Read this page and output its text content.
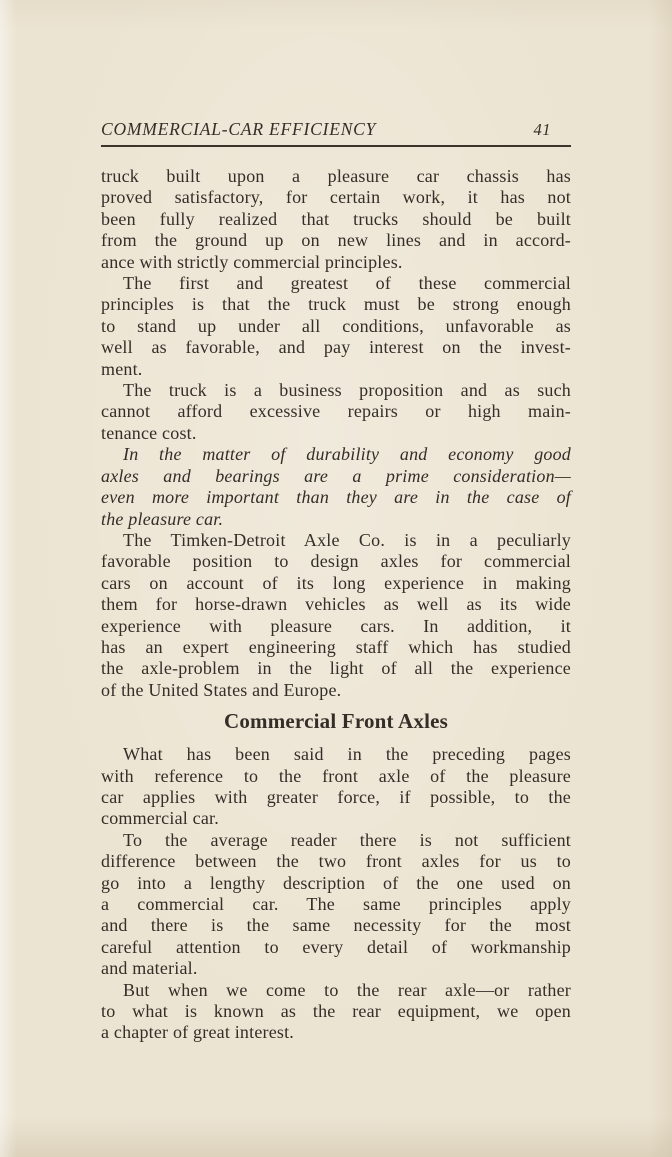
COMMERCIAL-CAR EFFICIENCY	41
truck built upon a pleasure car chassis has
proved satisfactory, for certain work, it has not
been fully realized that trucks should be built
from the ground up on new lines and in accord-
ance with strictly commercial principles.
The first and greatest of these commercial
principles is that the truck must be strong enough
to stand up under all conditions, unfavorable as
well as favorable, and pay interest on the invest-
ment.
The truck is a business proposition and as such
cannot afford excessive repairs or high main-
tenance cost.
In the matter of durability and economy good
axles and bearings are a prime consideration—
even more important than they are in the case of
the pleasure car.
The Timken-Detroit Axle Co. is in a peculiarly
favorable position to design axles for commercial
cars on account of its long experience in making
them for horse-drawn vehicles as well as its wide
experience with pleasure cars. In addition, it
has an expert engineering staff which has studied
the axle-problem in the light of all the experience
of the United States and Europe.
Commercial Front Axles
What has been said in the preceding pages
with reference to the front axle of the pleasure
car applies with greater force, if possible, to the
commercial car.
To the average reader there is not sufficient
difference between the two front axles for us to
go into a lengthy description of the one used on
a commercial car. The same principles apply
and there is the same necessity for the most
careful attention to every detail of workmanship
and material.
But when we come to the rear axle—or rather
to what is known as the rear equipment, we open
a chapter of great interest.
